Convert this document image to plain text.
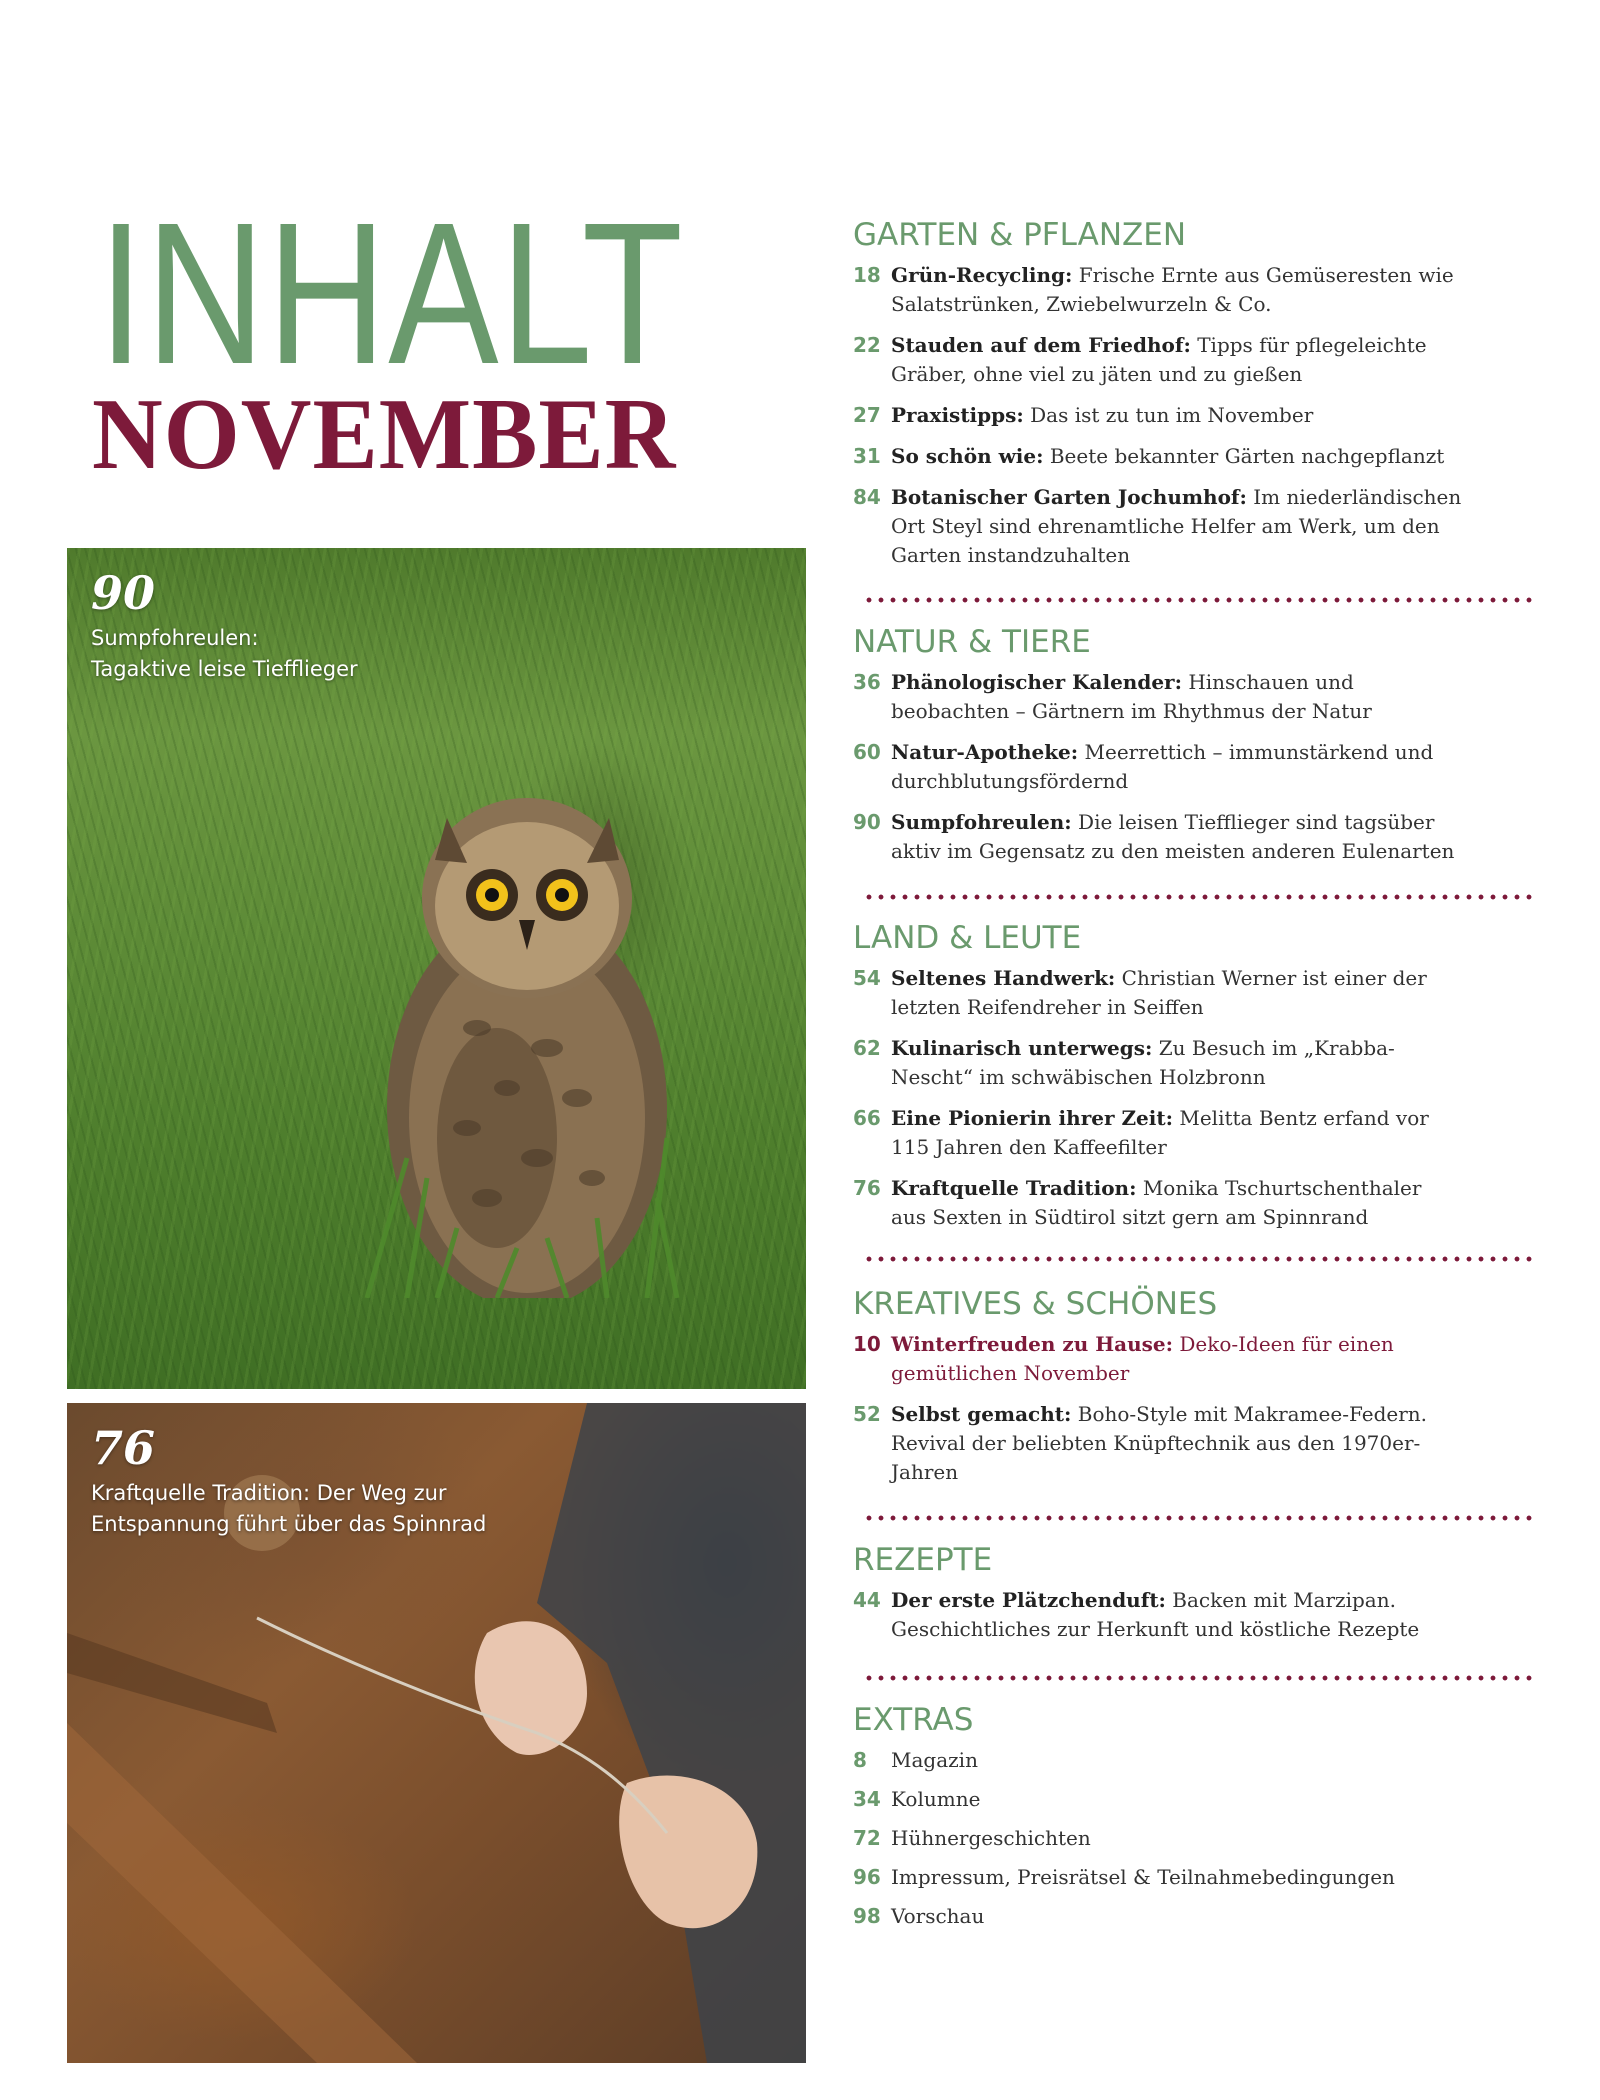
INHALT
NOVEMBER
90
Sumpfohreulen:
Tagaktive leise Tiefflieger
76
Kraftquelle Tradition: Der Weg zur
Entspannung führt über das Spinnrad
GARTEN & PFLANZEN
18 Grün-Recycling: Frische Ernte aus Gemüseresten wie
Salatstrünken, Zwiebelwurzeln & Co.
22 Stauden auf dem Friedhof: Tipps für pflegeleichte
Gräber, ohne viel zu jäten und zu gießen
27 Praxistipps: Das ist zu tun im November
31 So schön wie: Beete bekannter Gärten nachgepflanzt
84 Botanischer Garten Jochumhof: Im niederländischen
Ort Steyl sind ehrenamtliche Helfer am Werk, um den
Garten instandzuhalten
NATUR & TIERE
36 Phänologischer Kalender: Hinschauen und
beobachten – Gärtnern im Rhythmus der Natur
60 Natur-Apotheke: Meerrettich – immunstärkend und
durchblutungsfördernd
90 Sumpfohreulen: Die leisen Tiefflieger sind tagsüber
aktiv im Gegensatz zu den meisten anderen Eulenarten
LAND & LEUTE
54 Seltenes Handwerk: Christian Werner ist einer der
letzten Reifendreher in Seiffen
62 Kulinarisch unterwegs: Zu Besuch im „Krabba-
Nescht“ im schwäbischen Holzbronn
66 Eine Pionierin ihrer Zeit: Melitta Bentz erfand vor
115 Jahren den Kaffeefilter
76 Kraftquelle Tradition: Monika Tschurtschenthaler
aus Sexten in Südtirol sitzt gern am Spinnrand
KREATIVES & SCHÖNES
10 Winterfreuden zu Hause: Deko-Ideen für einen
gemütlichen November
52 Selbst gemacht: Boho-Style mit Makramee-Federn.
Revival der beliebten Knüpftechnik aus den 1970er-
Jahren
REZEPTE
44 Der erste Plätzchenduft: Backen mit Marzipan.
Geschichtliches zur Herkunft und köstliche Rezepte
EXTRAS
8 Magazin
34 Kolumne
72 Hühnergeschichten
96 Impressum, Preisrätsel & Teilnahmebedingungen
98 Vorschau
